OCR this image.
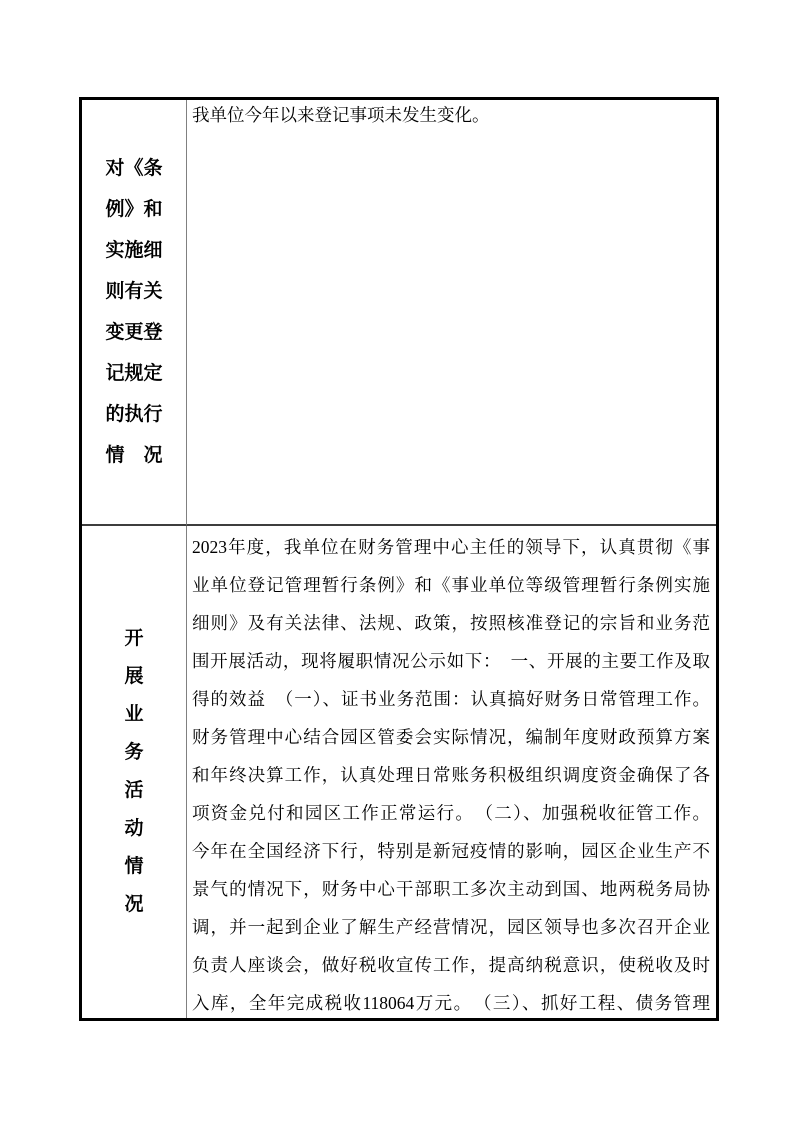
对《条
例》和
实施细
则有关
变更登
记规定
的执行
情　况
我单位今年以来登记事项未发生变化。
开
展
业
务
活
动
情
况
2023年度，我单位在财务管理中心主任的领导下，认真贯彻《事
业单位登记管理暂行条例》和《事业单位等级管理暂行条例实施
细则》及有关法律、法规、政策，按照核准登记的宗旨和业务范
围开展活动，现将履职情况公示如下：　一、开展的主要工作及取
得的效益　（一）、证书业务范围：认真搞好财务日常管理工作。
财务管理中心结合园区管委会实际情况，编制年度财政预算方案
和年终决算工作，认真处理日常账务积极组织调度资金确保了各
项资金兑付和园区工作正常运行。　（二）、加强税收征管工作。
今年在全国经济下行，特别是新冠疫情的影响，园区企业生产不
景气的情况下，财务中心干部职工多次主动到国、地两税务局协
调，并一起到企业了解生产经营情况，园区领导也多次召开企业
负责人座谈会，做好税收宣传工作，提高纳税意识，使税收及时
入库，全年完成税收118064万元。　（三）、抓好工程、债务管理
